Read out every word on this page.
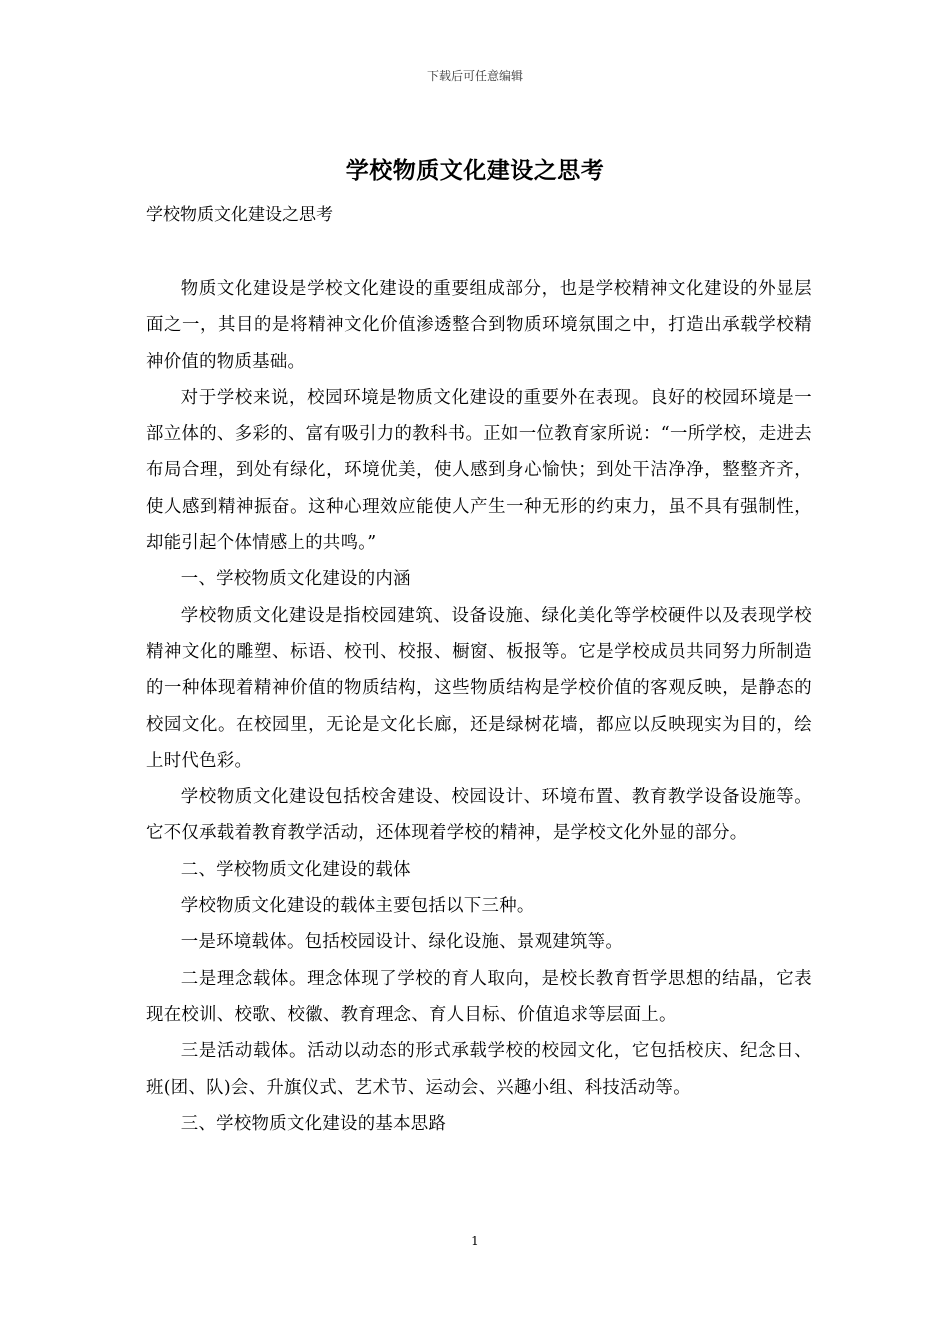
下载后可任意编辑
学校物质文化建设之思考
学校物质文化建设之思考

物质文化建设是学校文化建设的重要组成部分，也是学校精神文化建设的外显层面之一，其目的是将精神文化价值渗透整合到物质环境氛围之中，打造出承载学校精神价值的物质基础。

对于学校来说，校园环境是物质文化建设的重要外在表现。良好的校园环境是一部立体的、多彩的、富有吸引力的教科书。正如一位教育家所说：“一所学校，走进去布局合理，到处有绿化，环境优美，使人感到身心愉快；到处干洁净净，整整齐齐，使人感到精神振奋。这种心理效应能使人产生一种无形的约束力，虽不具有强制性，却能引起个体情感上的共鸣。”

一、学校物质文化建设的内涵

学校物质文化建设是指校园建筑、设备设施、绿化美化等学校硬件以及表现学校精神文化的雕塑、标语、校刊、校报、橱窗、板报等。它是学校成员共同努力所制造的一种体现着精神价值的物质结构，这些物质结构是学校价值的客观反映，是静态的校园文化。在校园里，无论是文化长廊，还是绿树花墙，都应以反映现实为目的，绘上时代色彩。

学校物质文化建设包括校舍建设、校园设计、环境布置、教育教学设备设施等。它不仅承载着教育教学活动，还体现着学校的精神，是学校文化外显的部分。

二、学校物质文化建设的载体

学校物质文化建设的载体主要包括以下三种。

一是环境载体。包括校园设计、绿化设施、景观建筑等。

二是理念载体。理念体现了学校的育人取向，是校长教育哲学思想的结晶，它表现在校训、校歌、校徽、教育理念、育人目标、价值追求等层面上。

三是活动载体。活动以动态的形式承载学校的校园文化，它包括校庆、纪念日、班(团、队)会、升旗仪式、艺术节、运动会、兴趣小组、科技活动等。

三、学校物质文化建设的基本思路

1
